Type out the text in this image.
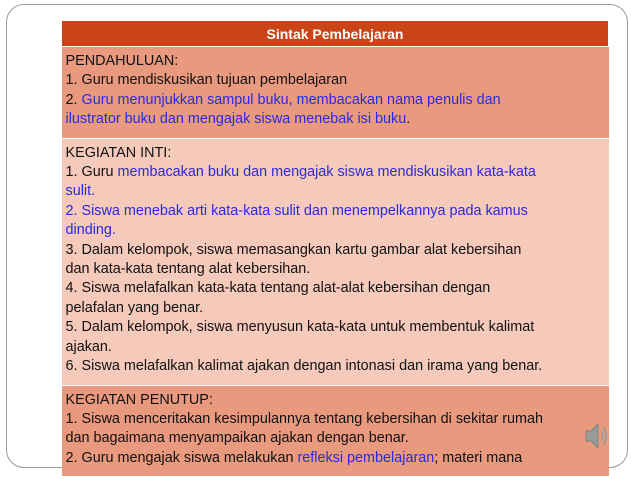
Sintak Pembelajaran

PENDAHULUAN:
1. Guru mendiskusikan tujuan pembelajaran
2. Guru menunjukkan sampul buku, membacakan nama penulis dan
ilustrator buku dan mengajak siswa menebak isi buku.

KEGIATAN INTI:
1. Guru membacakan buku dan mengajak siswa mendiskusikan kata-kata
sulit.
2. Siswa menebak arti kata-kata sulit dan menempelkannya pada kamus
dinding.
3. Dalam kelompok, siswa memasangkan kartu gambar alat kebersihan
dan kata-kata tentang alat kebersihan.
4. Siswa melafalkan kata-kata tentang alat-alat kebersihan dengan
pelafalan yang benar.
5. Dalam kelompok, siswa menyusun kata-kata untuk membentuk kalimat
ajakan.
6. Siswa melafalkan kalimat ajakan dengan intonasi dan irama yang benar.

KEGIATAN PENUTUP:
1. Siswa menceritakan kesimpulannya tentang kebersihan di sekitar rumah
dan bagaimana menyampaikan ajakan dengan benar.
2. Guru mengajak siswa melakukan refleksi pembelajaran; materi mana
